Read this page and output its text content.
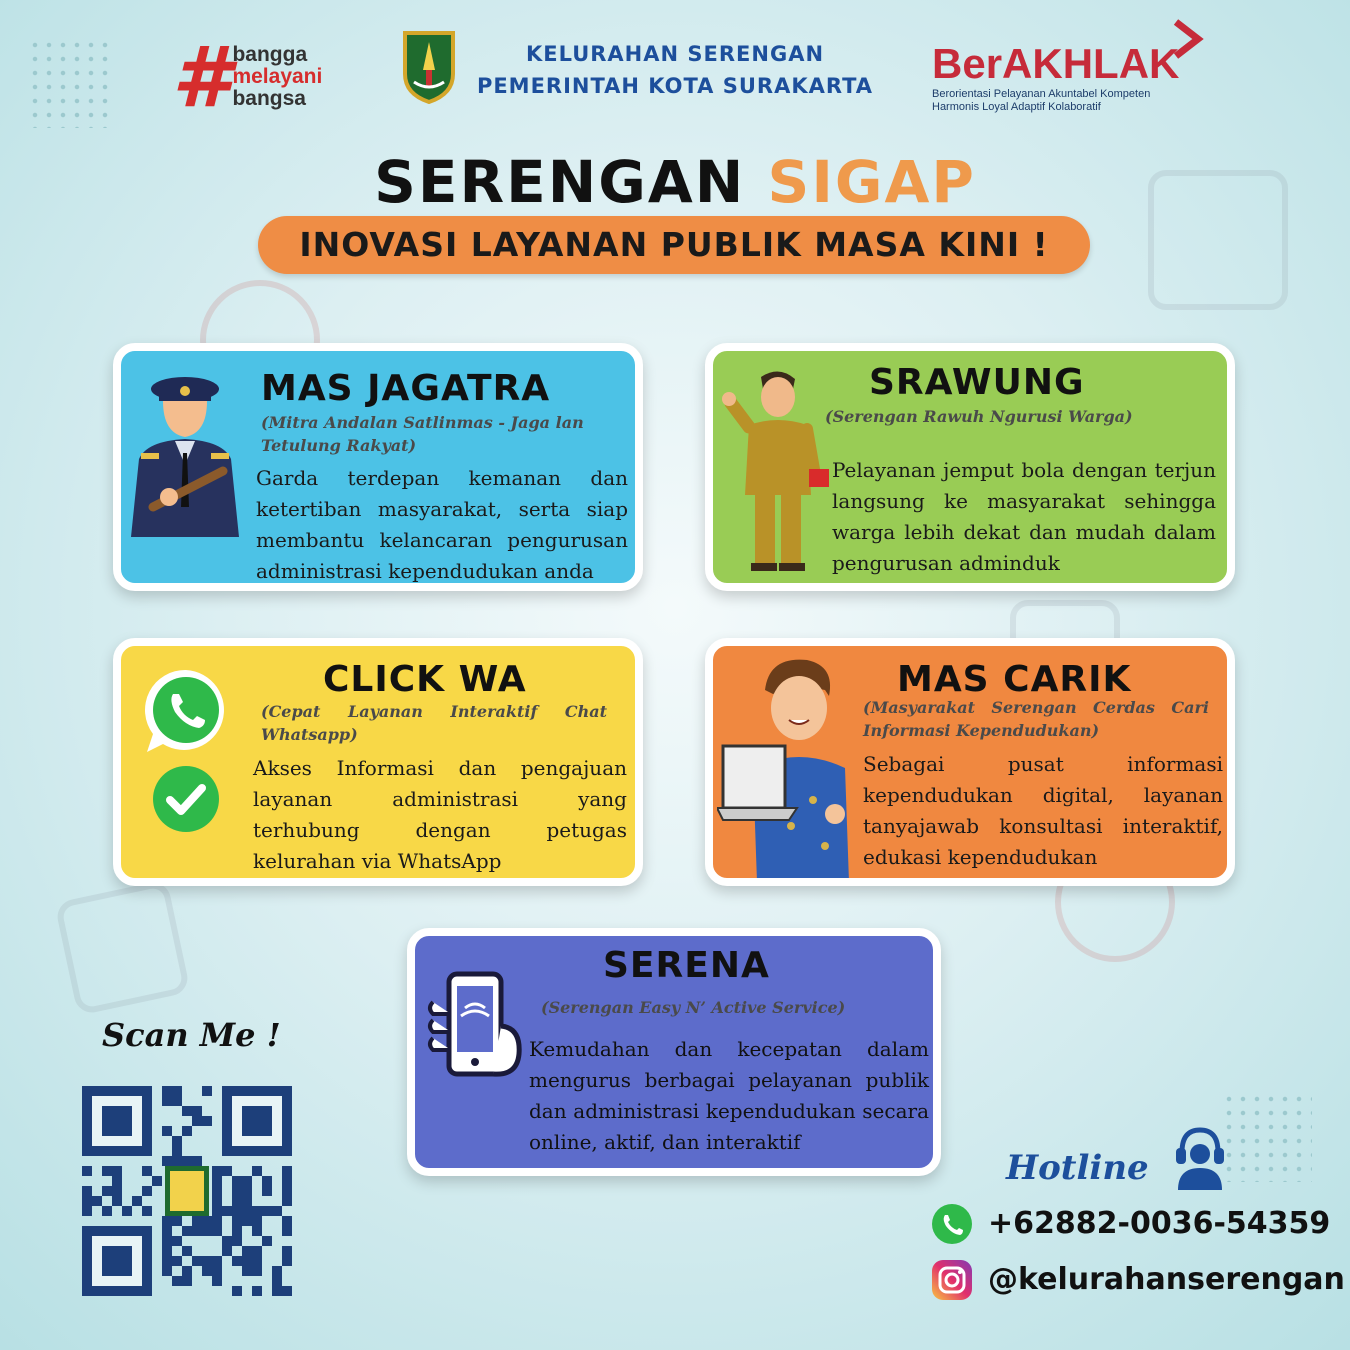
# bangga
melayani
bangsa
KELURAHAN SERENGAN
PEMERINTAH KOTA SURAKARTA BerAKHLAK
Berorientasi Pelayanan Akuntabel Kompeten
Harmonis Loyal Adaptif Kolaboratif
SERENGAN SIGAP
INOVASI LAYANAN PUBLIK MASA KINI !
MAS JAGATRA
(Mitra Andalan Satlinmas - Jaga lan Tetulung Rakyat)
Garda terdepan kemanan dan ketertiban masyarakat, serta siap membantu kelancaran pengurusan administrasi kependudukan anda
SRAWUNG
(Serengan Rawuh Ngurusi Warga)
Pelayanan jemput bola dengan terjun langsung ke masyarakat sehingga warga lebih dekat dan mudah dalam pengurusan adminduk
CLICK WA
(Cepat Layanan Interaktif Chat Whatsapp)
Akses Informasi dan pengajuan layanan administrasi yang terhubung dengan petugas kelurahan via WhatsApp
MAS CARIK
(Masyarakat Serengan Cerdas Cari Informasi Kependudukan)
Sebagai pusat informasi kependudukan digital, layanan tanyajawab konsultasi interaktif, edukasi kependudukan
SERENA
(Serengan Easy N’ Active Service)
Kemudahan dan kecepatan dalam mengurus berbagai pelayanan publik dan administrasi kependudukan secara online, aktif, dan interaktif
Scan Me !
Hotline
+62882-0036-54359
@kelurahanserengan
